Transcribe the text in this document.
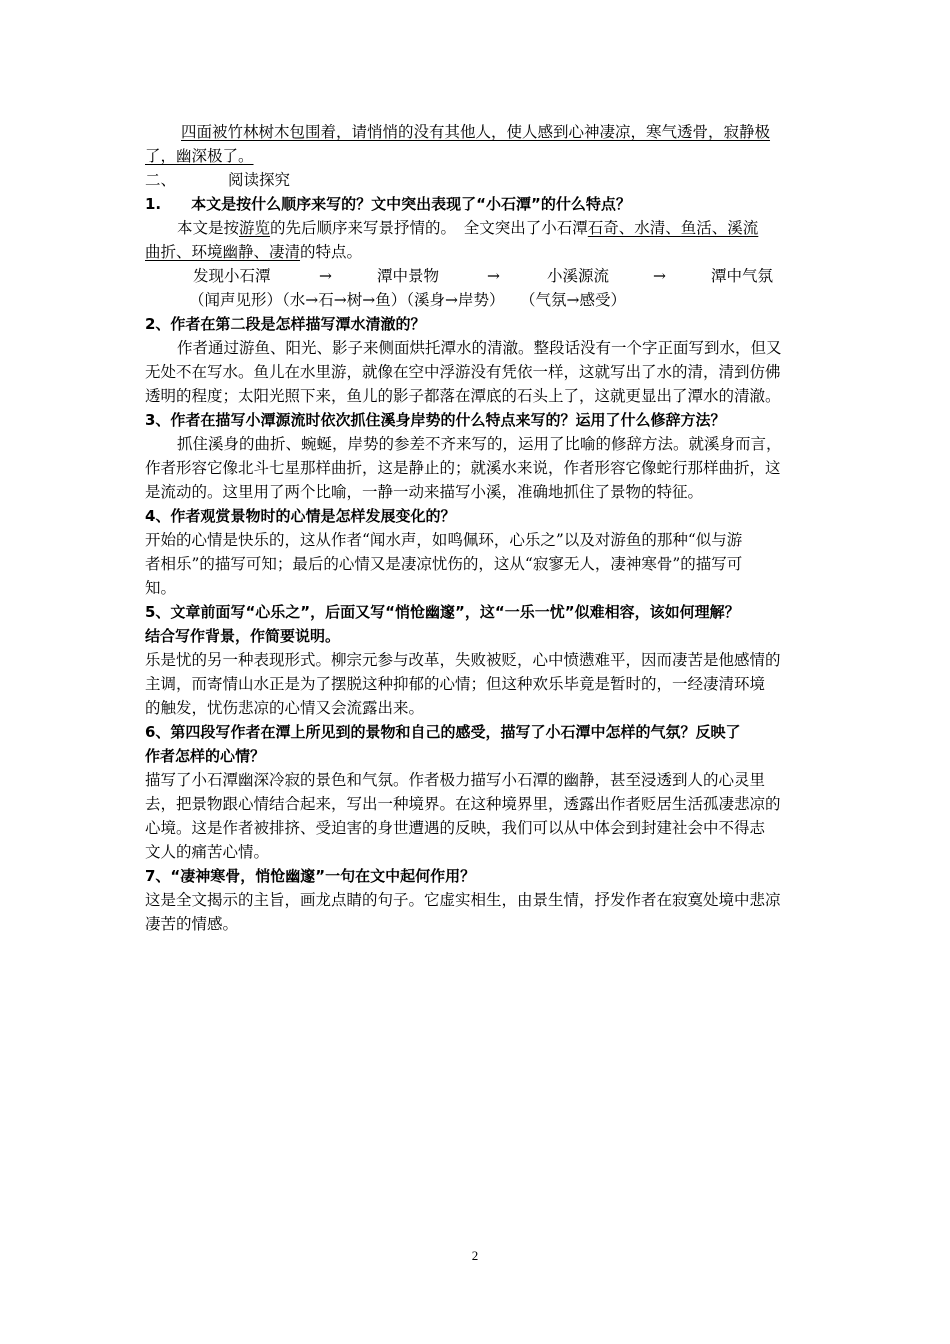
四面被竹林树木包围着，请悄悄的没有其他人，使人感到心神凄凉，寒气透骨，寂静极
了，幽深极了。
二、	阅读探究
1.　　本文是按什么顺序来写的？文中突出表现了“小石潭”的什么特点？
本文是按游览的先后顺序来写景抒情的。　全文突出了小石潭石奇、水清、鱼活、溪流
曲折、环境幽静、凄清的特点。
发现小石潭	→	潭中景物	→	小溪源流	→	潭中气氛
（闻声见形）（水→石→树→鱼）（溪身→岸势）　　（气氛→感受）
2、作者在第二段是怎样描写潭水清澈的？
作者通过游鱼、阳光、影子来侧面烘托潭水的清澈。整段话没有一个字正面写到水，但又
无处不在写水。鱼儿在水里游，就像在空中浮游没有凭依一样，这就写出了水的清，清到仿佛
透明的程度；太阳光照下来，鱼儿的影子都落在潭底的石头上了，这就更显出了潭水的清澈。
3、作者在描写小潭源流时依次抓住溪身岸势的什么特点来写的？运用了什么修辞方法？
抓住溪身的曲折、蜿蜒，岸势的参差不齐来写的，运用了比喻的修辞方法。就溪身而言，
作者形容它像北斗七星那样曲折，这是静止的；就溪水来说，作者形容它像蛇行那样曲折，这
是流动的。这里用了两个比喻，一静一动来描写小溪，准确地抓住了景物的特征。
4、作者观赏景物时的心情是怎样发展变化的？
开始的心情是快乐的，这从作者“闻水声，如鸣佩环，心乐之”以及对游鱼的那种“似与游
者相乐”的描写可知；最后的心情又是凄凉忧伤的，这从“寂寥无人，凄神寒骨”的描写可
知。
5、文章前面写“心乐之”，后面又写“悄怆幽邃”，这“一乐一忧”似难相容，该如何理解？
结合写作背景，作简要说明。
乐是忧的另一种表现形式。柳宗元参与改革，失败被贬，心中愤懑难平，因而凄苦是他感情的
主调，而寄情山水正是为了摆脱这种抑郁的心情；但这种欢乐毕竟是暂时的，一经凄清环境
的触发，忧伤悲凉的心情又会流露出来。
6、第四段写作者在潭上所见到的景物和自己的感受，描写了小石潭中怎样的气氛？反映了
作者怎样的心情？
描写了小石潭幽深冷寂的景色和气氛。作者极力描写小石潭的幽静，甚至浸透到人的心灵里
去，把景物跟心情结合起来，写出一种境界。在这种境界里，透露出作者贬居生活孤凄悲凉的
心境。这是作者被排挤、受迫害的身世遭遇的反映，我们可以从中体会到封建社会中不得志
文人的痛苦心情。
7、“凄神寒骨，悄怆幽邃”一句在文中起何作用？
这是全文揭示的主旨，画龙点睛的句子。它虚实相生，由景生情，抒发作者在寂寞处境中悲凉
凄苦的情感。
2
